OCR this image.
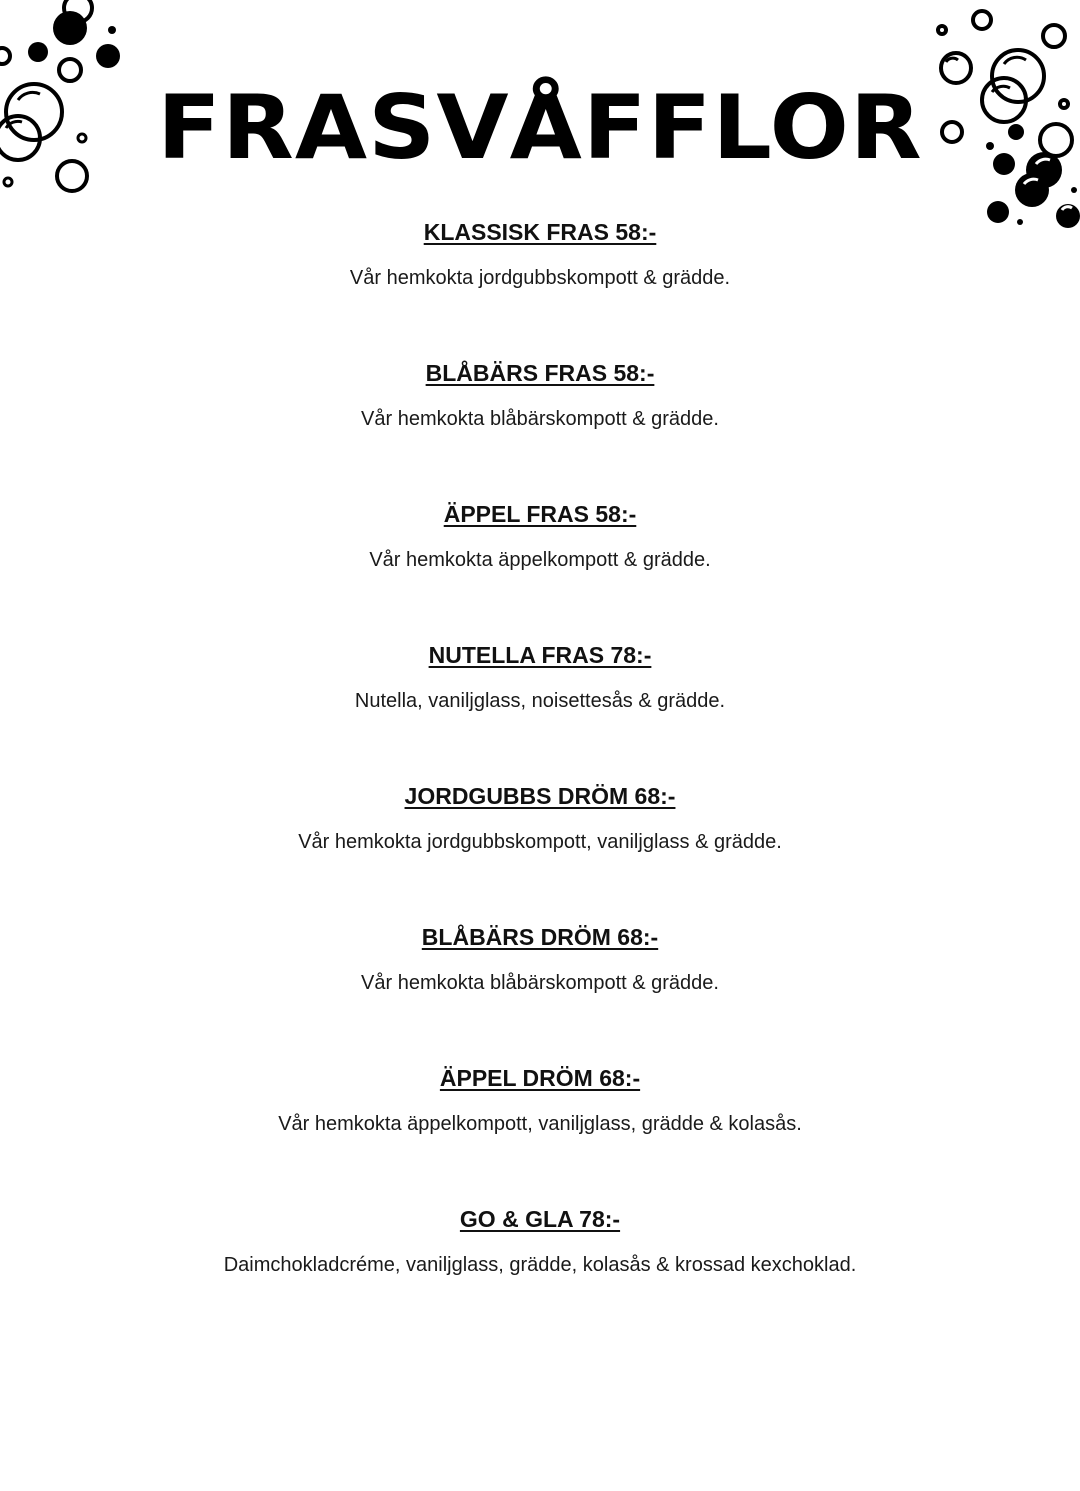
FRASVÅFFLOR
KLASSISK FRAS 58:-
Vår hemkokta jordgubbskompott & grädde.
BLÅBÄRS FRAS 58:-
Vår hemkokta blåbärskompott & grädde.
ÄPPEL FRAS 58:-
Vår hemkokta äppelkompott & grädde.
NUTELLA FRAS 78:-
Nutella, vaniljglass, noisettesås & grädde.
JORDGUBBS DRÖM 68:-
Vår hemkokta jordgubbskompott, vaniljglass & grädde.
BLÅBÄRS DRÖM 68:-
Vår hemkokta blåbärskompott & grädde.
ÄPPEL DRÖM 68:-
Vår hemkokta äppelkompott, vaniljglass, grädde & kolasås.
GO & GLA 78:-
Daimchokladcréme, vaniljglass, grädde, kolasås & krossad kexchoklad.
